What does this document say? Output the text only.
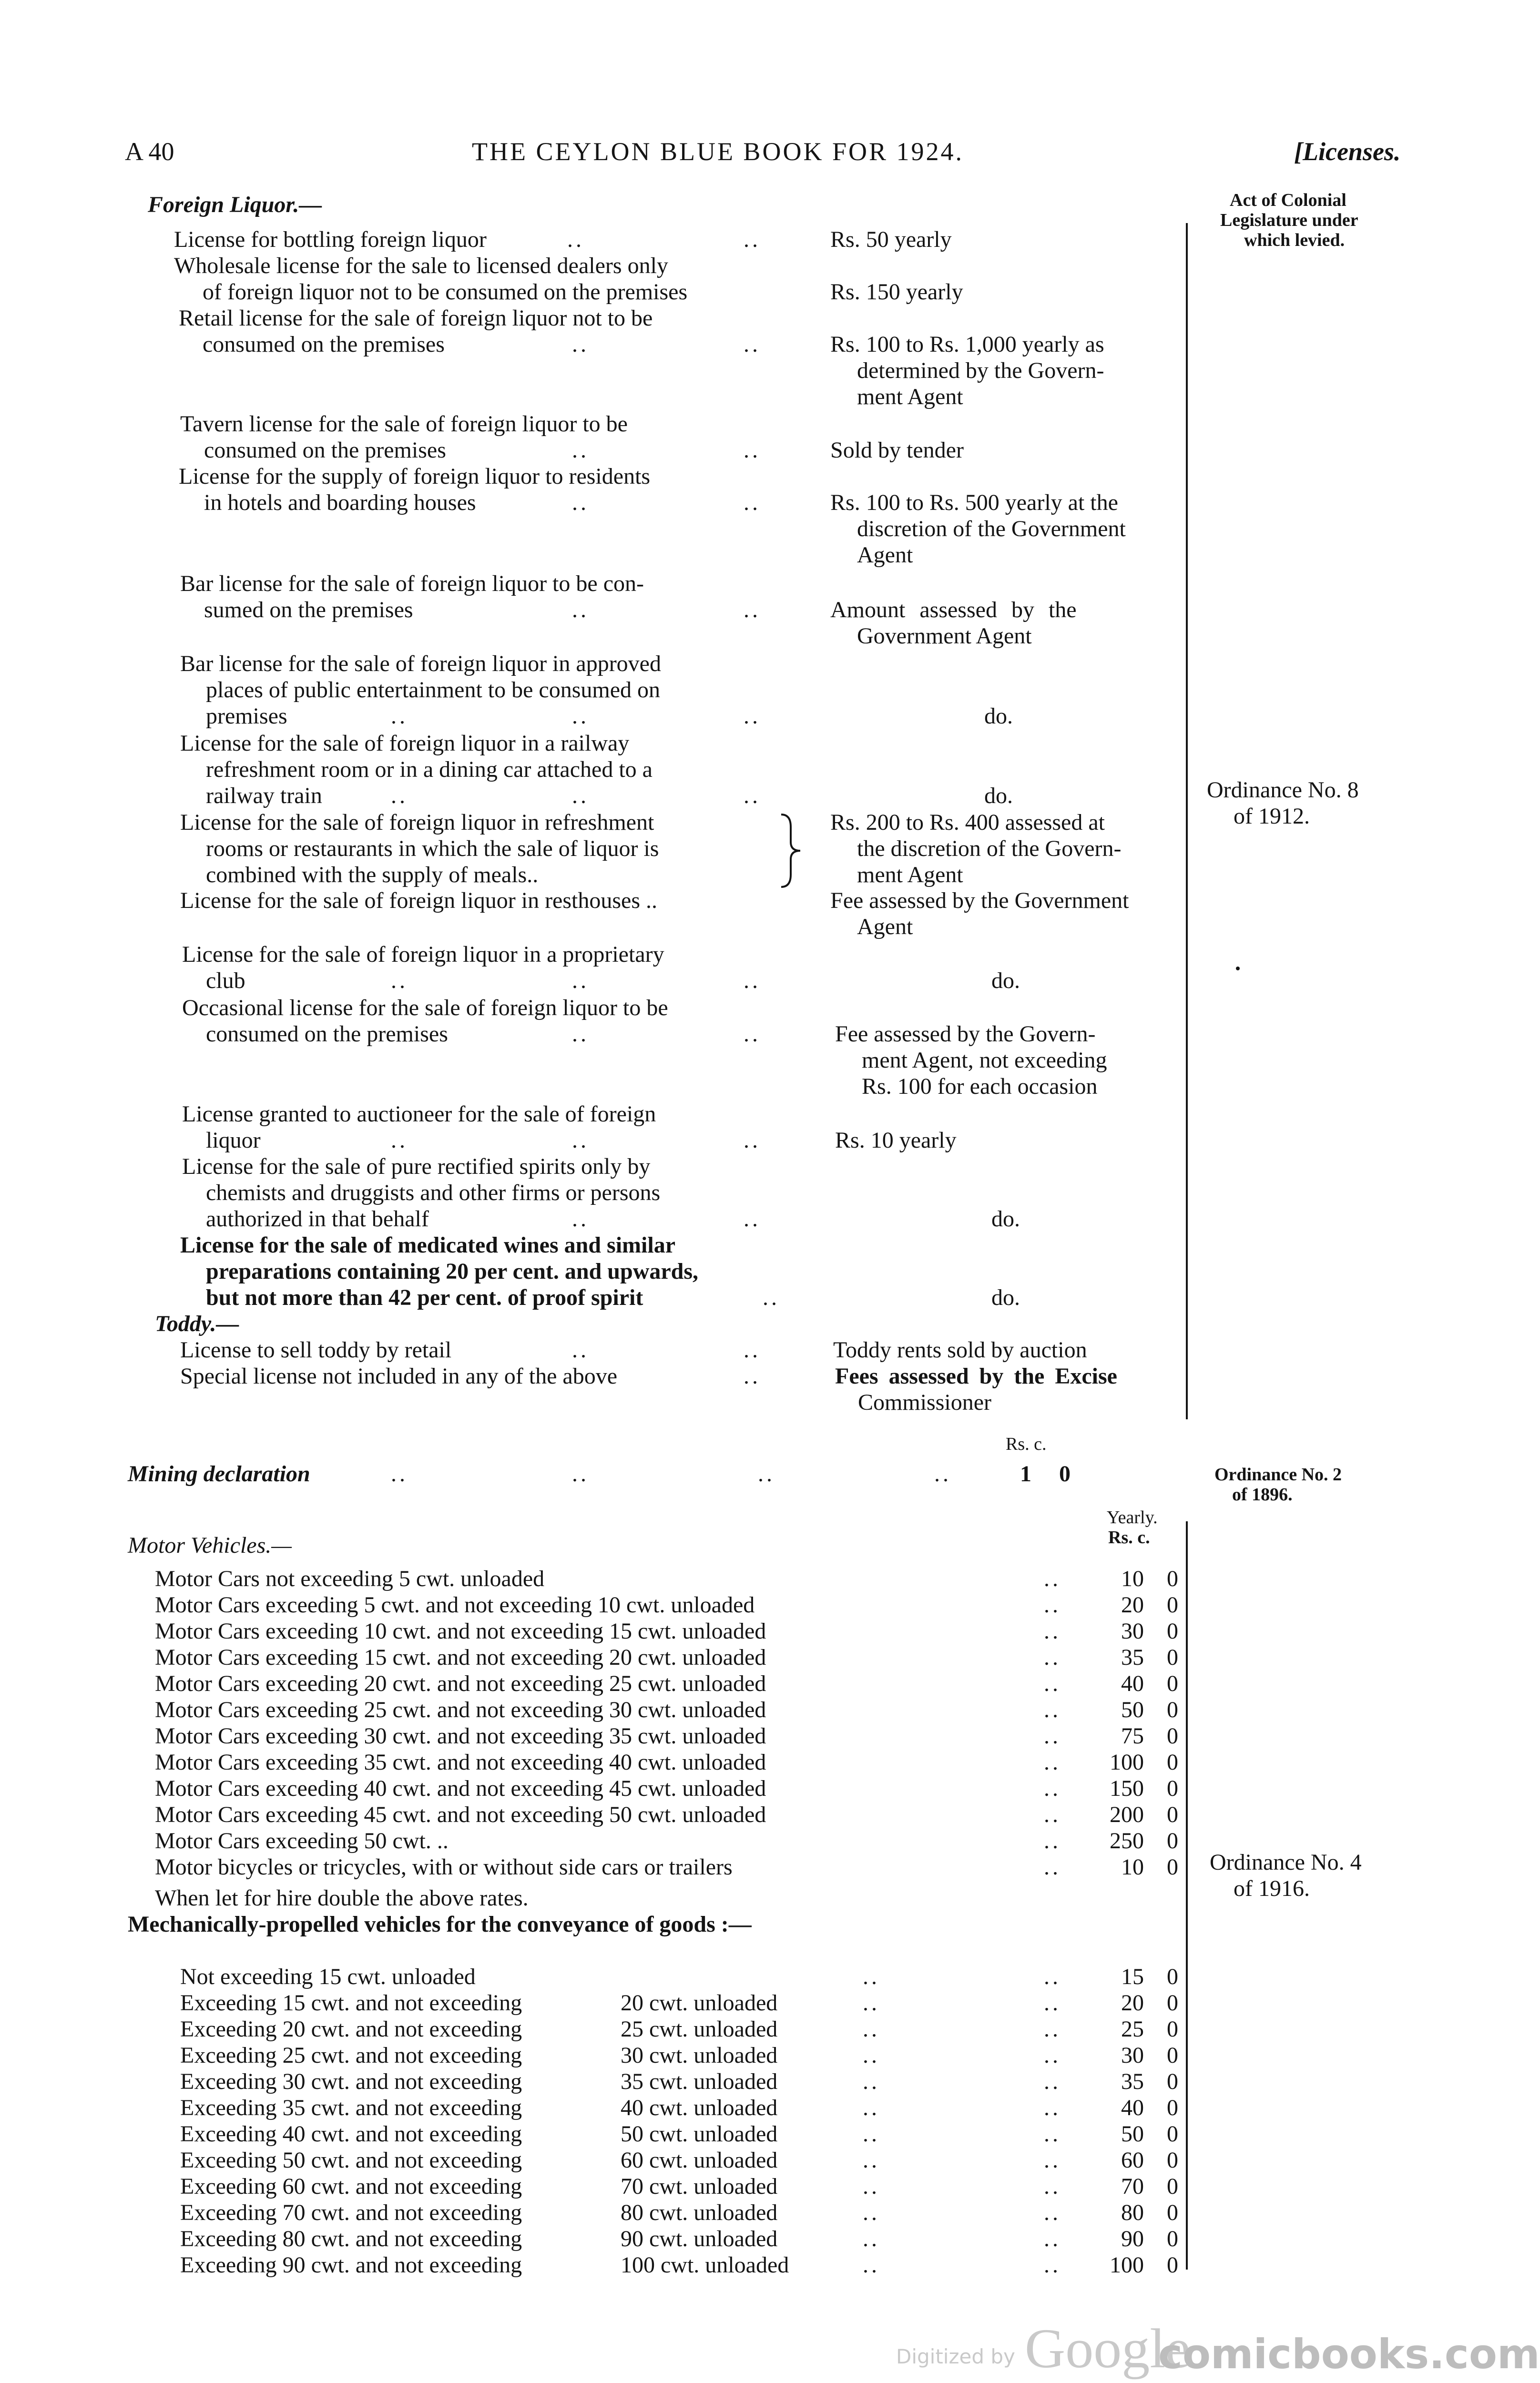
A 40	THE CEYLON BLUE BOOK FOR 1924.	[Licenses.
Act of Colonial
Legislature under
which levied.
Foreign Liquor.—
License for bottling foreign liquor	..	..	Rs. 50 yearly
Wholesale license for the sale to licensed dealers only
of foreign liquor not to be consumed on the premises	Rs. 150 yearly
Retail license for the sale of foreign liquor not to be
consumed on the premises	..	..	Rs. 100 to Rs. 1,000 yearly as
determined by the Govern-
ment Agent
Tavern license for the sale of foreign liquor to be
consumed on the premises	..	..	Sold by tender
License for the supply of foreign liquor to residents
in hotels and boarding houses	..	..	Rs. 100 to Rs. 500 yearly at the
discretion of the Government
Agent
Bar license for the sale of foreign liquor to be con-
sumed on the premises	..	..	Amount assessed by the
Government Agent
Bar license for the sale of foreign liquor in approved
places of public entertainment to be consumed on
premises	..	..	..	do.
License for the sale of foreign liquor in a railway
refreshment room or in a dining car attached to a
railway train	..	..	..	do.
License for the sale of foreign liquor in refreshment
rooms or restaurants in which the sale of liquor is
combined with the supply of meals..
Rs. 200 to Rs. 400 assessed at
the discretion of the Govern-
ment Agent
License for the sale of foreign liquor in resthouses ..	Fee assessed by the Government
Agent
License for the sale of foreign liquor in a proprietary
club	..	..	..	do.
Occasional license for the sale of foreign liquor to be
consumed on the premises	..	..	Fee assessed by the Govern-
ment Agent, not exceeding
Rs. 100 for each occasion
License granted to auctioneer for the sale of foreign
liquor	..	..	..	Rs. 10 yearly
License for the sale of pure rectified spirits only by
chemists and druggists and other firms or persons
authorized in that behalf	..	..	do.
License for the sale of medicated wines and similar
preparations containing 20 per cent. and upwards,
but not more than 42 per cent. of proof spirit	..	do.
Toddy.—
License to sell toddy by retail	..	..	Toddy rents sold by auction
Special license not included in any of the above	..	Fees assessed by the Excise
Commissioner
Ordinance No. 8
of 1912.
Rs. c.
Mining declaration	..	..	..	..	1 0	Ordinance No. 2
of 1896.
Yearly.
Rs. c.
Motor Vehicles.—
When let for hire double the above rates.
Mechanically-propelled vehicles for the conveyance of goods :—
Ordinance No. 4
of 1916.
Digitized by Google
comicbooks.com
Motor Cars not exceeding 5 cwt. unloaded	..	10	0
Motor Cars exceeding 5 cwt. and not exceeding 10 cwt. unloaded	..	20	0
Motor Cars exceeding 10 cwt. and not exceeding 15 cwt. unloaded	..	30	0
Motor Cars exceeding 15 cwt. and not exceeding 20 cwt. unloaded	..	35	0
Motor Cars exceeding 20 cwt. and not exceeding 25 cwt. unloaded	..	40	0
Motor Cars exceeding 25 cwt. and not exceeding 30 cwt. unloaded	..	50	0
Motor Cars exceeding 30 cwt. and not exceeding 35 cwt. unloaded	..	75	0
Motor Cars exceeding 35 cwt. and not exceeding 40 cwt. unloaded	..	100	0
Motor Cars exceeding 40 cwt. and not exceeding 45 cwt. unloaded	..	150	0
Motor Cars exceeding 45 cwt. and not exceeding 50 cwt. unloaded	..	200	0
Motor Cars exceeding 50 cwt. ..	..	250	0
Motor bicycles or tricycles, with or without side cars or trailers	..	10	0
Not exceeding 15 cwt. unloaded	..	..	15	0
Exceeding 15 cwt. and not exceeding	20 cwt. unloaded	..	..	20	0
Exceeding 20 cwt. and not exceeding	25 cwt. unloaded	..	..	25	0
Exceeding 25 cwt. and not exceeding	30 cwt. unloaded	..	..	30	0
Exceeding 30 cwt. and not exceeding	35 cwt. unloaded	..	..	35	0
Exceeding 35 cwt. and not exceeding	40 cwt. unloaded	..	..	40	0
Exceeding 40 cwt. and not exceeding	50 cwt. unloaded	..	..	50	0
Exceeding 50 cwt. and not exceeding	60 cwt. unloaded	..	..	60	0
Exceeding 60 cwt. and not exceeding	70 cwt. unloaded	..	..	70	0
Exceeding 70 cwt. and not exceeding	80 cwt. unloaded	..	..	80	0
Exceeding 80 cwt. and not exceeding	90 cwt. unloaded	..	..	90	0
Exceeding 90 cwt. and not exceeding	100 cwt. unloaded	..	..	100	0
